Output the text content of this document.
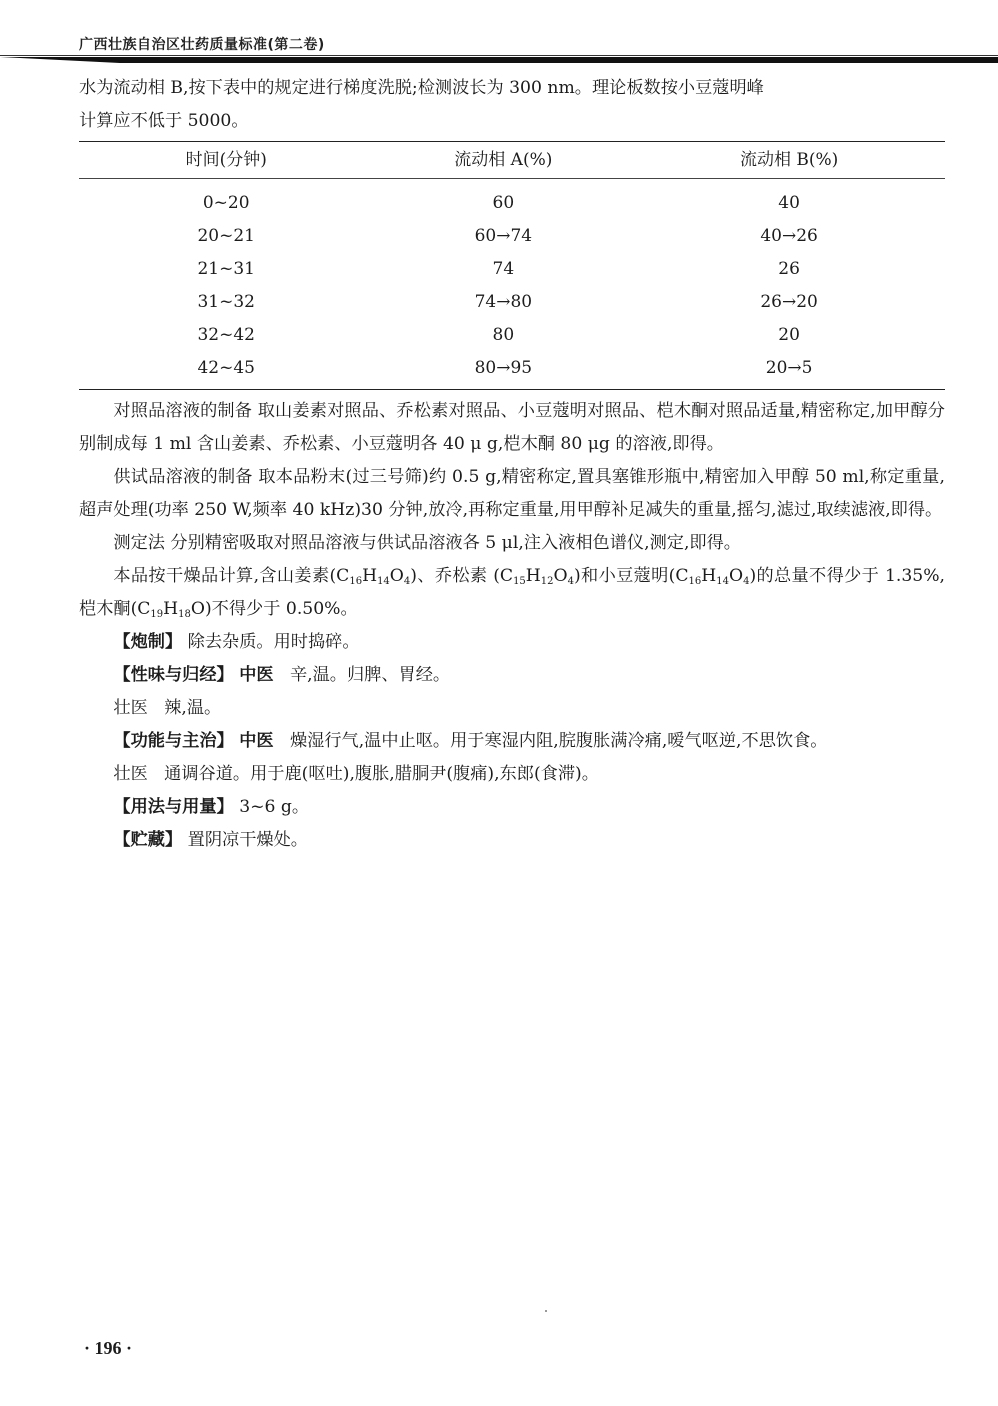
广西壮族自治区壮药质量标准(第二卷)

水为流动相 B,按下表中的规定进行梯度洗脱;检测波长为 300 nm。理论板数按小豆蔻明峰

计算应不低于 5000。

时间(分钟)	流动相 A(%)	流动相 B(%)
0~20	60	40
20~21	60→74	40→26
21~31	74	26
31~32	74→80	26→20
32~42	80	20
42~45	80→95	20→5

对照品溶液的制备 取山姜素对照品、乔松素对照品、小豆蔻明对照品、桤木酮对照品适量,精密称定,加甲醇分别制成每 1 ml 含山姜素、乔松素、小豆蔻明各 40 μ g,桤木酮 80 μg 的溶液,即得。

供试品溶液的制备 取本品粉末(过三号筛)约 0.5 g,精密称定,置具塞锥形瓶中,精密加入甲醇 50 ml,称定重量,超声处理(功率 250 W,频率 40 kHz)30 分钟,放冷,再称定重量,用甲醇补足减失的重量,摇匀,滤过,取续滤液,即得。

测定法 分别精密吸取对照品溶液与供试品溶液各 5 μl,注入液相色谱仪,测定,即得。

本品按干燥品计算,含山姜素$(C_{16}H_{14}O_4)$、乔松素 $(C_{15}H_{12}O_4)$和小豆蔻明$(C_{16}H_{14}O_4)$的总量不得少于 1.35%,桤木酮$(C_{19}H_{18}O)$不得少于 0.50%。

【炮制】 除去杂质。用时捣碎。

【性味与归经】 中医 辛,温。归脾、胃经。

壮医 辣,温。

【功能与主治】 中医 燥湿行气,温中止呕。用于寒湿内阻,脘腹胀满冷痛,嗳气呕逆,不思饮食。

壮医 通调谷道。用于鹿(呕吐),腹胀,腊胴尹(腹痛),东郎(食滞)。

【用法与用量】 3~6 g。

【贮藏】 置阴凉干燥处。

· 196 ·
